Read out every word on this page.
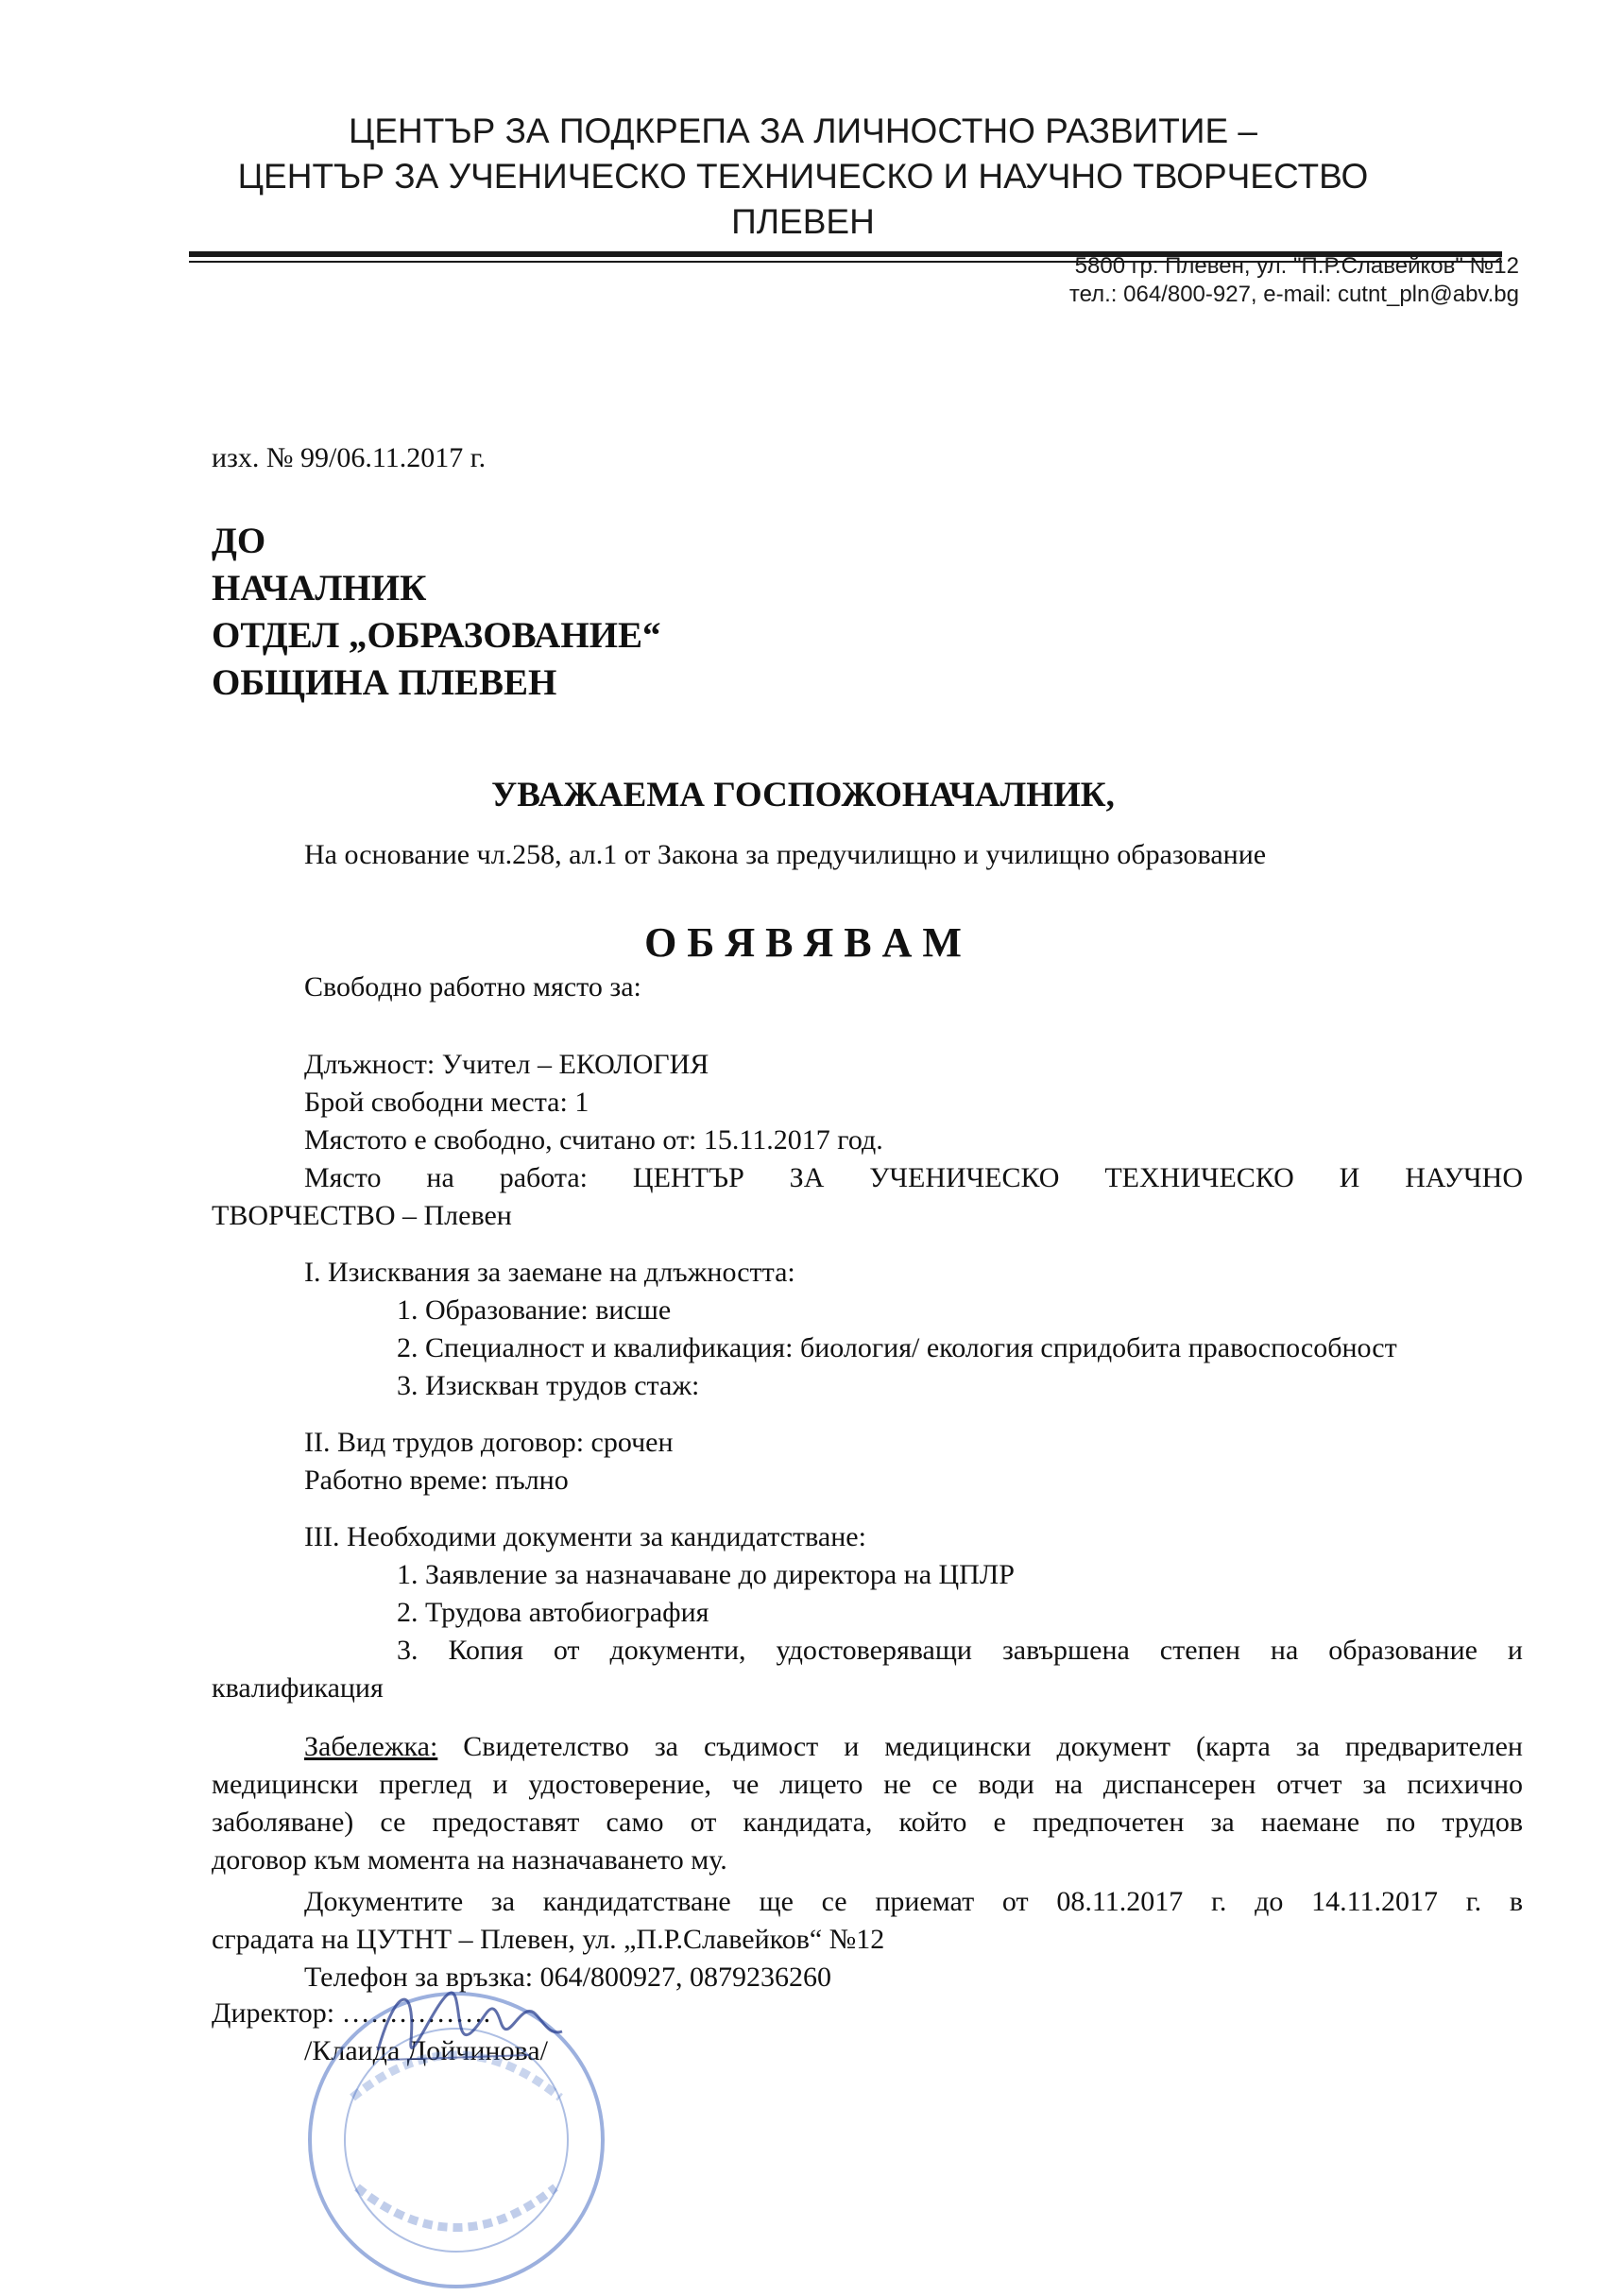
ЦЕНТЪР ЗА ПОДКРЕПА ЗА ЛИЧНОСТНО РАЗВИТИЕ –
ЦЕНТЪР ЗА УЧЕНИЧЕСКО ТЕХНИЧЕСКО И НАУЧНО ТВОРЧЕСТВО
ПЛЕВЕН
5800 гр. Плевен, ул. "П.Р.Славейков" №12
тел.: 064/800-927, e-mail: cutnt_pln@abv.bg
изх. № 99/06.11.2017 г.
ДО
НАЧАЛНИК
ОТДЕЛ „ОБРАЗОВАНИЕ“
ОБЩИНА ПЛЕВЕН
УВАЖАЕМА ГОСПОЖОНАЧАЛНИК,
На основание чл.258, ал.1 от Закона за предучилищно и училищно образование
О Б Я В Я В А М
Свободно работно място за:
Длъжност: Учител – ЕКОЛОГИЯ
Брой свободни места: 1
Мястото е свободно, считано от: 15.11.2017 год.
Място на работа: ЦЕНТЪР ЗА УЧЕНИЧЕСКО ТЕХНИЧЕСКО И НАУЧНО
ТВОРЧЕСТВО – Плевен
I. Изисквания за заемане на длъжността:
1. Образование: висше
2. Специалност и квалификация: биология/ екология спридобита правоспособност
3. Изискван трудов стаж:
II. Вид трудов договор: срочен
Работно време: пълно
III. Необходими документи за кандидатстване:
1. Заявление за назначаване до директора на ЦПЛР
2. Трудова автобиография
3. Копия от документи, удостоверяващи завършена степен на образование и
квалификация
Забележка: Свидетелство за съдимост и медицински документ (карта за предварителен
медицински преглед и удостоверение, че лицето не се води на диспансерен отчет за психично
заболяване) се предоставят само от кандидата, който е предпочетен за наемане по трудов
договор към момента на назначаването му.
Документите за кандидатстване ще се приемат от 08.11.2017 г. до 14.11.2017 г. в
сградата на ЦУТНТ – Плевен, ул. „П.Р.Славейков“ №12
Телефон за връзка: 064/800927, 0879236260
Директор: …………….
/Клаида Дойчинова/
